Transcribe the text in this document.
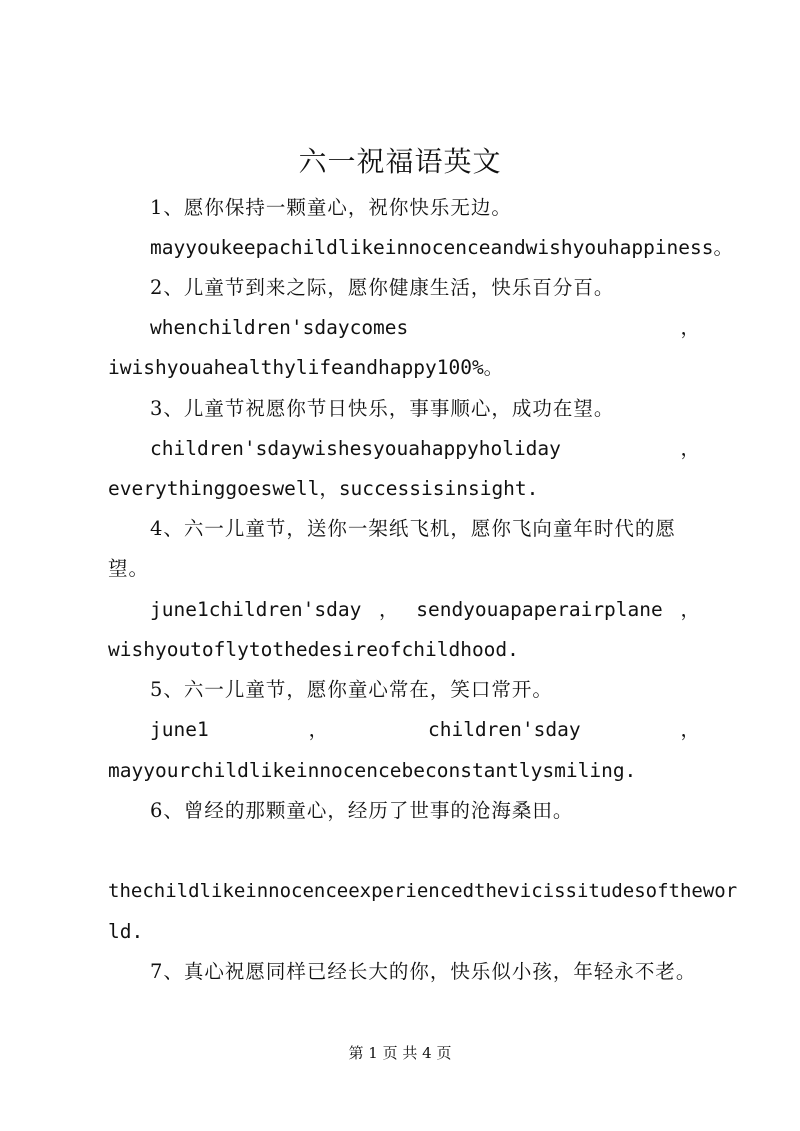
六一祝福语英文
1、愿你保持一颗童心，祝你快乐无边。
mayyoukeepachildlikeinnocenceandwishyouhappiness。
2、儿童节到来之际，愿你健康生活，快乐百分百。
whenchildren'sdaycomes	，
iwishyouahealthylifeandhappy100%。
3、儿童节祝愿你节日快乐，事事顺心，成功在望。
children'sdaywishesyouahappyholiday	，
everythinggoeswell，successisinsight.
4、六一儿童节，送你一架纸飞机，愿你飞向童年时代的愿
望。
june1children'sday ， sendyouapaperairplane ，
wishyoutoflytothedesireofchildhood.
5、六一儿童节，愿你童心常在，笑口常开。
june1	，	children'sday	，
mayyourchildlikeinnocencebeconstantlysmiling.
6、曾经的那颗童心，经历了世事的沧海桑田。
thechildlikeinnocenceexperiencedthevicissitudesofthewor
ld.
7、真心祝愿同样已经长大的你，快乐似小孩，年轻永不老。
第 1 页 共 4 页
